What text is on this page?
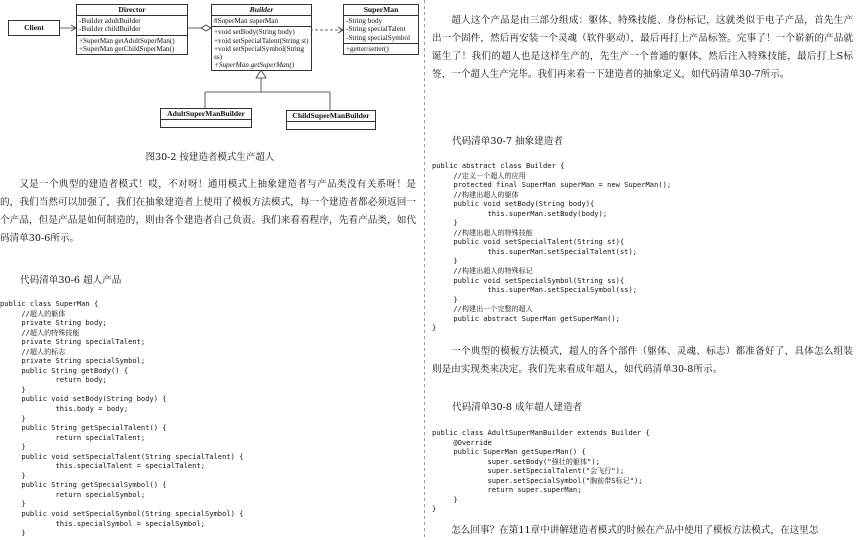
Client
Director
-Builder adultBuilder
-Builder childBuilder
+SuperMan getAdultSuperMan()
+SuperMan getChildSuperMan()
Builder
#SuperMan superMan
+void setBody(String body)
+void setSpecialTalent(String st)
+void setSpecialSymbol(String ss)
+SuperMan getSuperMan()
SuperMan
-String body
-String specialTalent
-String specialSymbol
+getter/setter()
AdultSuperManBuilder	ChildSuperManBuilder
图30-2 按建造者模式生产超人
又是一个典型的建造者模式！哎，不对呀！通用模式上抽象建造者与产品类没有关系呀！是的，我们当然可以加强了，我们在抽象建造者上使用了模板方法模式，每一个建造者都必须返回一个产品，但是产品是如何制造的，则由各个建造者自己负责。我们来看看程序，先看产品类，如代码清单30-6所示。
代码清单30-6 超人产品
public class SuperMan {
//超人的躯体
private String body;
//超人的特殊技能
private String specialTalent;
//超人的标志
private String specialSymbol;
public String getBody() {
return body;
}
public void setBody(String body) {
this.body = body;
}
public String getSpecialTalent() {
return specialTalent;
}
public void setSpecialTalent(String specialTalent) {
this.specialTalent = specialTalent;
}
public String getSpecialSymbol() {
return specialSymbol;
}
public void setSpecialSymbol(String specialSymbol) {
this.specialSymbol = specialSymbol;
}
超人这个产品是由三部分组成：躯体、特殊技能、身份标记，这就类似于电子产品，首先生产出一个固件，然后再安装一个灵魂（软件驱动），最后再打上产品标签。完事了！一个崭新的产品就诞生了！我们的超人也是这样生产的，先生产一个普通的躯体，然后注入特殊技能，最后打上S标签，一个超人生产完毕。我们再来看一下建造者的抽象定义，如代码清单30-7所示。
代码清单30-7 抽象建造者
public abstract class Builder {
//定义一个超人的应用
protected final SuperMan superMan = new SuperMan();
//构建出超人的躯体
public void setBody(String body){
this.superMan.setBody(body);
}
//构建出超人的特殊技能
public void setSpecialTalent(String st){
this.superMan.setSpecialTalent(st);
}
//构建出超人的特殊标记
public void setSpecialSymbol(String ss){
this.superMan.setSpecialSymbol(ss);
}
//构建出一个完整的超人
public abstract SuperMan getSuperMan();
}
一个典型的模板方法模式，超人的各个部件（躯体、灵魂、标志）都准备好了，具体怎么组装则是由实现类来决定。我们先来看成年超人，如代码清单30-8所示。
代码清单30-8 成年超人建造者
public class AdultSuperManBuilder extends Builder {
@Override
public SuperMan getSuperMan() {
super.setBody("强壮的躯体");
super.setSpecialTalent("会飞行");
super.setSpecialSymbol("胸前带S标记");
return super.superMan;
}
}
怎么回事？在第11章中讲解建造者模式的时候在产品中使用了模板方法模式，在这里怎
